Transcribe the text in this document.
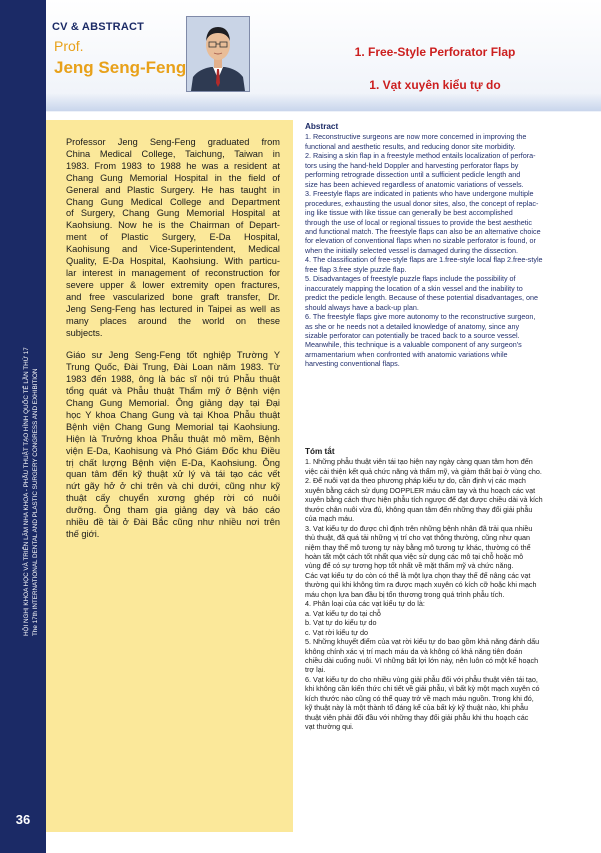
HỘI NGHỊ KHOA HỌC VÀ TRIỂN LÃM NHA KHOA - PHẪU THUẬT TẠO HÌNH QUỐC TẾ LẦN THỨ 17 The 17th INTERNATIONAL DENTAL AND PLASTIC SURGERY CONGRESS AND EXHIBITION
36
CV & ABSTRACT
Prof.
Jeng Seng-Feng
1. Free-Style Perforator Flap
1. Vạt xuyên kiểu tự do
Professor Jeng Seng-Feng graduated from
China Medical College, Taichung, Taiwan in
1983. From 1983 to 1988 he was a resident at
Chang Gung Memorial Hospital in the field of
General and Plastic Surgery. He has taught in
Chang Gung Medical College and Department
of Surgery, Chang Gung Memorial Hospital at
Kaohsiung. Now he is the Chairman of Depart-
ment of Plastic Surgery, E-Da Hospital,
Kaohisung and Vice-Superintendent, Medical
Quality, E-Da Hospital, Kaohsiung. With particu-
lar interest in management of reconstruction for
severe upper & lower extremity open fractures,
and free vascularized bone graft transfer, Dr.
Jeng Seng-Feng has lectured in Taipei as well as
many places around the world on these
subjects.
Giáo sư Jeng Seng-Feng tốt nghiệp Trường Y
Trung Quốc, Đài Trung, Đài Loan năm 1983. Từ
1983 đến 1988, ông là bác sĩ nội trú Phẫu thuật
tổng quát và Phẫu thuật Thẩm mỹ ở Bệnh viện
Chang Gung Memorial. Ông giảng dạy tại Đại
học Y khoa Chang Gung và tại Khoa Phẫu thuật
Bệnh viện Chang Gung Memorial tại Kaohsiung.
Hiện là Trưởng khoa Phẫu thuật mô mềm, Bệnh
viện E-Da, Kaohisung và Phó Giám Đốc khu Điều
trị chất lượng Bệnh viện E-Da, Kaohsiung. Ông
quan tâm đến kỹ thuật xử lý và tái tạo các vết
nứt gãy hở ở chi trên và chi dưới, cũng như kỹ
thuật cấy chuyển xương ghép rời có nuôi
dưỡng. Ông tham gia giảng dạy và báo cáo
nhiều đề tài ở Đài Bắc cũng như nhiều nơi trên
thế giới.
Abstract
1. Reconstructive surgeons are now more concerned in improving the
functional and aesthetic results, and reducing donor site morbidity.
2. Raising a skin flap in a freestyle method entails localization of perfora-
tors using the hand-held Doppler and harvesting perforator flaps by
performing retrograde dissection until a sufficient pedicle length and
size has been achieved regardless of anatomic variations of vessels.
3. Freestyle flaps are indicated in patients who have undergone multiple
procedures, exhausting the usual donor sites, also, the concept of replac-
ing like tissue with like tissue can generally be best accomplished
through the use of local or regional tissues to provide the best aesthetic
and functional match. The freestyle flaps can also be an alternative choice
for elevation of conventional flaps when no sizable perforator is found, or
when the initially selected vessel is damaged during the dissection.
4. The classification of free-style flaps are 1.free-style local flap 2.free-style
free flap 3.free style puzzle flap.
5. Disadvantages of freestyle puzzle flaps include the possibility of
inaccurately mapping the location of a skin vessel and the inability to
predict the pedicle length. Because of these potential disadvantages, one
should always have a back-up plan.
6. The freestyle flaps give more autonomy to the reconstructive surgeon,
as she or he needs not a detailed knowledge of anatomy, since any
sizable perforator can potentially be traced back to a source vessel.
Meanwhile, this technique is a valuable component of any surgeon's
armamentarium when confronted with anatomic variations while
harvesting conventional flaps.
Tóm tắt
1. Những phẫu thuật viên tái tạo hiện nay ngày càng quan tâm hơn đến
việc cải thiện kết quả chức năng và thẩm mỹ, và giảm thất bại ở vùng cho.
2. Để nuôi vạt da theo phương pháp kiểu tự do, cần định vị các mạch
xuyên bằng cách sử dụng DOPPLER máu cầm tay và thu hoạch các vạt
xuyên bằng cách thực hiện phẫu tích ngược để đạt được chiều dài và kích
thước chân nuôi vừa đủ, không quan tâm đến những thay đổi giải phẫu
của mạch máu.
3. Vạt kiểu tự do được chỉ định trên những bệnh nhân đã trải qua nhiều
thủ thuật, đã quá tải những vị trí cho vạt thông thường, cũng như quan
niệm thay thế mô tương tự này bằng mô tương tự khác, thường có thể
hoàn tất một cách tốt nhất qua việc sử dụng các mô tại chỗ hoặc mô
vùng để có sự tương hợp tốt nhất về mặt thẩm mỹ và chức năng.
Các vạt kiểu tự do còn có thể là một lựa chọn thay thế để nâng các vạt
thường qui khi không tìm ra được mạch xuyên có kích cỡ hoặc khi mạch
máu chọn lựa ban đầu bị tổn thương trong quá trình phẫu tích.
4. Phân loại của các vạt kiểu tự do là:
a. Vạt kiểu tự do tại chỗ
b. Vạt tự do kiểu tự do
c. Vạt rời kiểu tự do
5. Những khuyết điểm của vạt rời kiểu tự do bao gồm khả năng đánh dấu
không chính xác vị trí mạch máu da và không có khả năng tiên đoán
chiều dài cuống nuôi. Vì những bất lợi lớn này, nên luôn có một kế hoạch
trợ lại.
6. Vạt kiểu tự do cho nhiều vùng giải phẫu đối với phẫu thuật viên tái tạo,
khi không cần kiến thức chi tiết về giải phẫu, vì bất kỳ một mạch xuyên có
kích thước nào cũng có thể quay trở về mạch máu nguồn. Trong khi đó,
kỹ thuật này là một thành tố đáng kể của bất kỳ kỹ thuật nào, khi phẫu
thuật viên phải đối đầu với những thay đổi giải phẫu khi thu hoạch các
vạt thường qui.
